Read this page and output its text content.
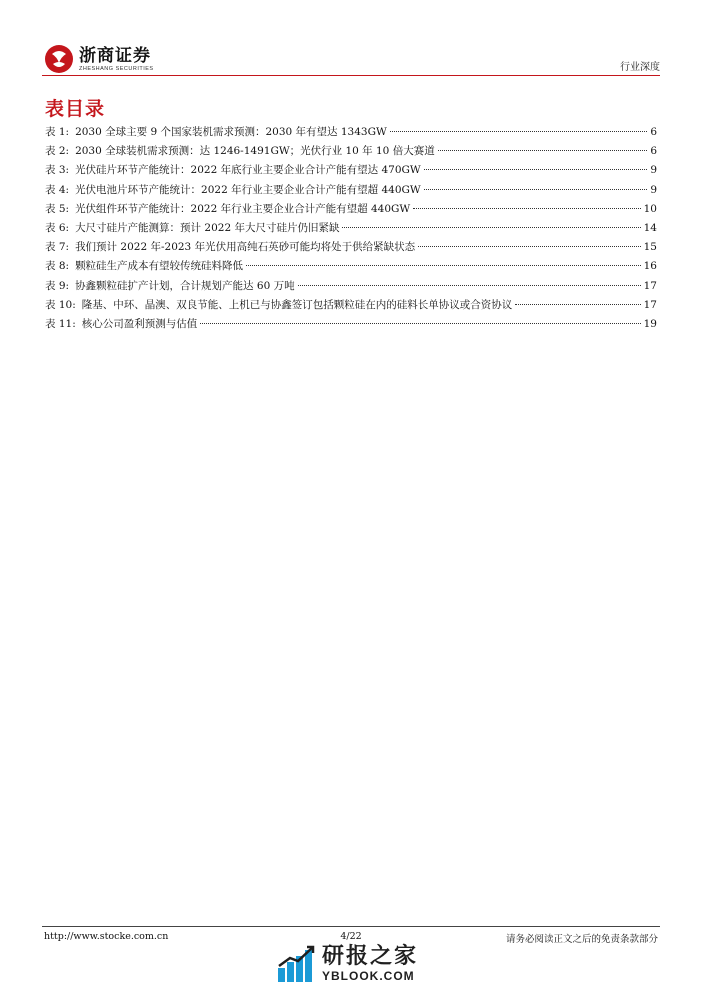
浙商证券
ZHESHANG SECURITIES	行业深度
表目录
表 1: 2030 全球主要 9 个国家装机需求预测：2030 年有望达 1343GW	6
表 2: 2030 全球装机需求预测：达 1246-1491GW；光伏行业 10 年 10 倍大赛道	6
表 3: 光伏硅片环节产能统计：2022 年底行业主要企业合计产能有望达 470GW	9
表 4: 光伏电池片环节产能统计：2022 年行业主要企业合计产能有望超 440GW	9
表 5: 光伏组件环节产能统计：2022 年行业主要企业合计产能有望超 440GW	10
表 6: 大尺寸硅片产能测算：预计 2022 年大尺寸硅片仍旧紧缺	14
表 7: 我们预计 2022 年-2023 年光伏用高纯石英砂可能均将处于供给紧缺状态	15
表 8: 颗粒硅生产成本有望较传统硅料降低	16
表 9: 协鑫颗粒硅扩产计划，合计规划产能达 60 万吨	17
表 10: 隆基、中环、晶澳、双良节能、上机已与协鑫签订包括颗粒硅在内的硅料长单协议或合资协议	17
表 11: 核心公司盈利预测与估值	19
http://www.stocke.com.cn	4/22	请务必阅读正文之后的免责条款部分
研报之家
YBLOOK.COM
